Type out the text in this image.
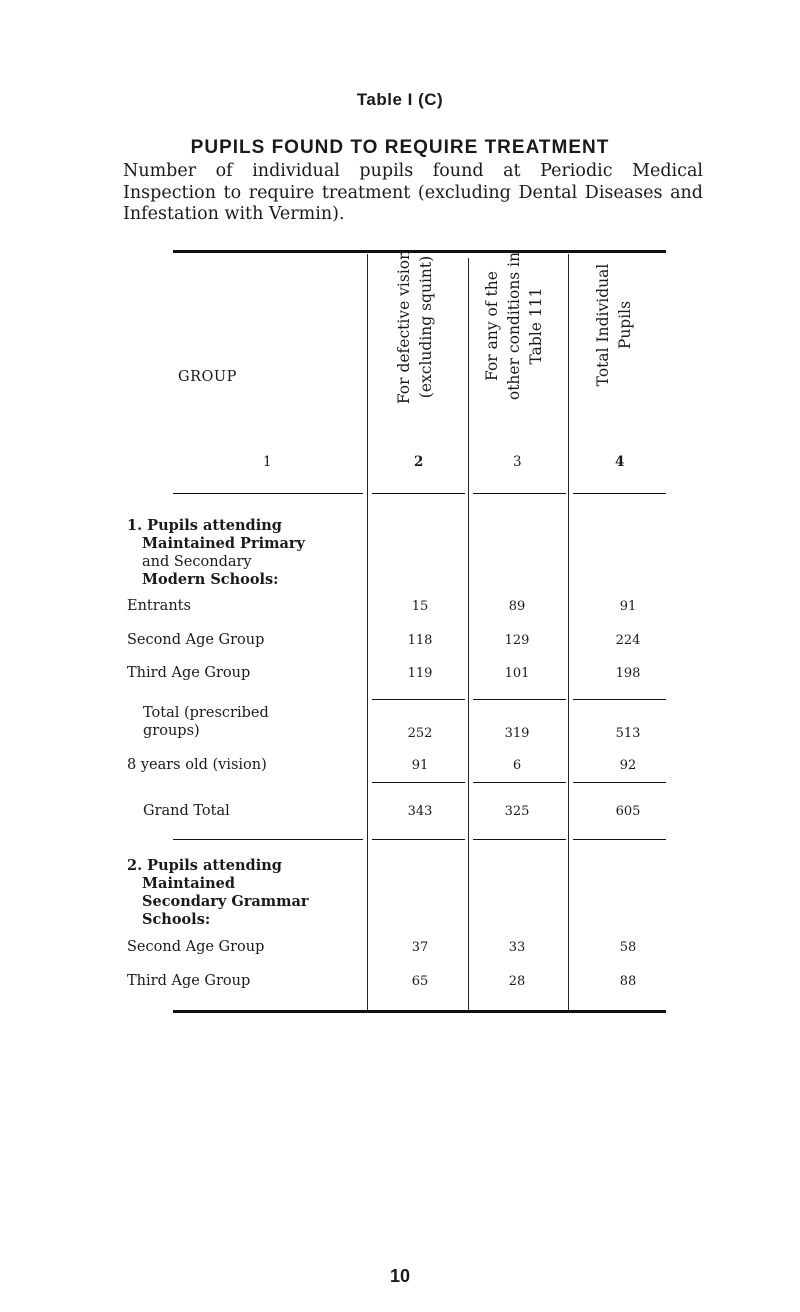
Table I (C)
PUPILS FOUND TO REQUIRE TREATMENT
Number of individual pupils found at Periodic Medical Inspection to require treatment (excluding Dental Diseases and Infestation with Vermin).
GROUP
1	2	3	4
For defective vision (excluding squint)	For any of the other conditions in Table 111	Total Individual Pupils
1. Pupils attending
Maintained Primary
and Secondary
Modern Schools:
Entrants	15	89	91
Second Age Group	118	129	224
Third Age Group	119	101	198
Total (prescribed
groups)	252	319	513
8 years old (vision)	91	6	92
Grand Total	343	325	605
2. Pupils attending
Maintained
Secondary Grammar
Schools:
Second Age Group	37	33	58
Third Age Group	65	28	88
10
